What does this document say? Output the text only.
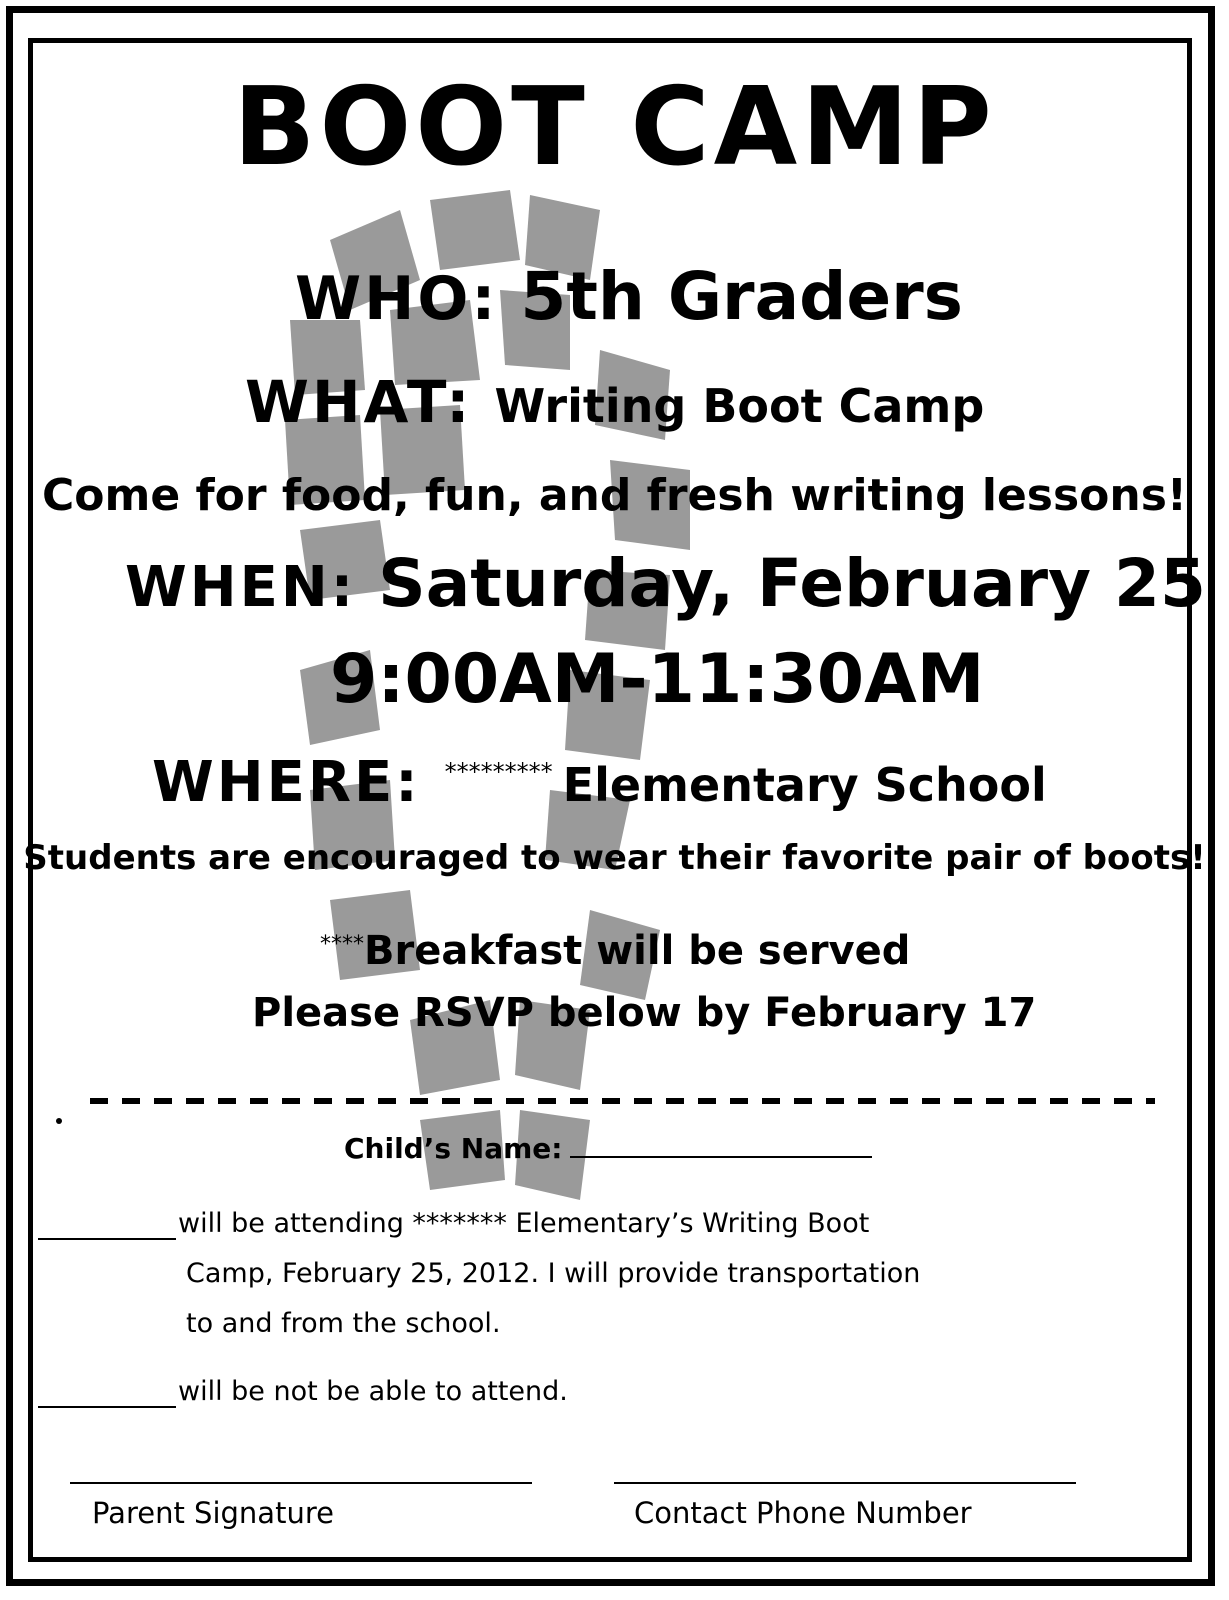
BOOT CAMP
WHO: 5th Graders
WHAT: Writing Boot Camp
Come for food, fun, and fresh writing lessons!
WHEN: Saturday, February 25
9:00AM-11:30AM
WHERE: ********* Elementary School
Students are encouraged to wear their favorite pair of boots!
**** Breakfast will be served
Please RSVP below by February 17
Child’s Name:
will be attending ******* Elementary’s Writing Boot
Camp, February 25, 2012. I will provide transportation
to and from the school.
will be not be able to attend.
Parent Signature	Contact Phone Number
